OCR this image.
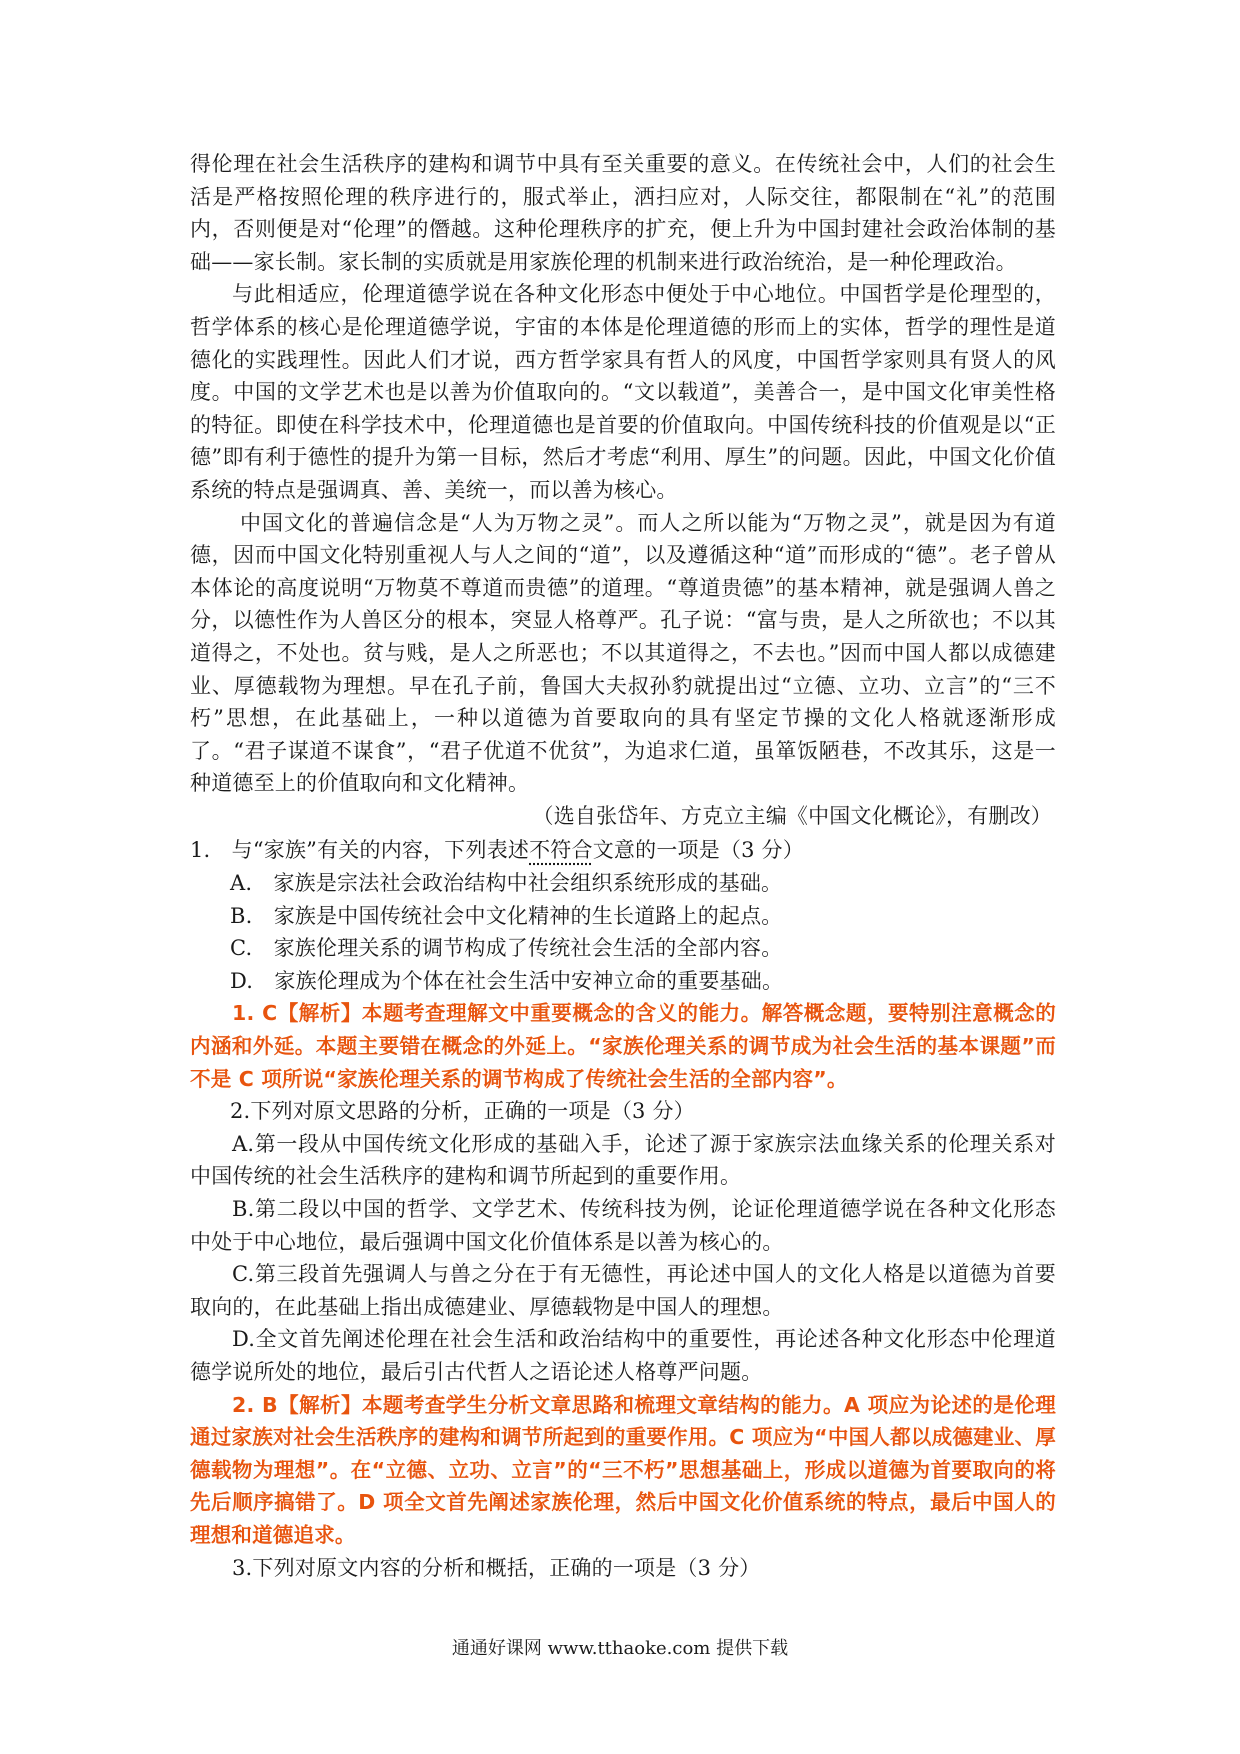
得伦理在社会生活秩序的建构和调节中具有至关重要的意义。在传统社会中，人们的社会生活是严格按照伦理的秩序进行的，服式举止，洒扫应对，人际交往，都限制在“礼”的范围内，否则便是对“伦理”的僭越。这种伦理秩序的扩充，便上升为中国封建社会政治体制的基础——家长制。家长制的实质就是用家族伦理的机制来进行政治统治，是一种伦理政治。

与此相适应，伦理道德学说在各种文化形态中便处于中心地位。中国哲学是伦理型的，哲学体系的核心是伦理道德学说，宇宙的本体是伦理道德的形而上的实体，哲学的理性是道德化的实践理性。因此人们才说，西方哲学家具有哲人的风度，中国哲学家则具有贤人的风度。中国的文学艺术也是以善为价值取向的。“文以载道”，美善合一，是中国文化审美性格的特征。即使在科学技术中，伦理道德也是首要的价值取向。中国传统科技的价值观是以“正德”即有利于德性的提升为第一目标，然后才考虑“利用、厚生”的问题。因此，中国文化价值系统的特点是强调真、善、美统一，而以善为核心。

中国文化的普遍信念是“人为万物之灵”。而人之所以能为“万物之灵”，就是因为有道德，因而中国文化特别重视人与人之间的“道”，以及遵循这种“道”而形成的“德”。老子曾从本体论的高度说明“万物莫不尊道而贵德”的道理。“尊道贵德”的基本精神，就是强调人兽之分，以德性作为人兽区分的根本，突显人格尊严。孔子说：“富与贵，是人之所欲也；不以其道得之，不处也。贫与贱，是人之所恶也；不以其道得之，不去也。”因而中国人都以成德建业、厚德载物为理想。早在孔子前，鲁国大夫叔孙豹就提出过“立德、立功、立言”的“三不朽”思想，在此基础上，一种以道德为首要取向的具有坚定节操的文化人格就逐渐形成了。“君子谋道不谋食”，“君子优道不优贫”，为追求仁道，虽箪饭陋巷，不改其乐，这是一种道德至上的价值取向和文化精神。

（选自张岱年、方克立主编《中国文化概论》，有删改）

1.　与“家族”有关的内容，下列表述不符合文意的一项是（3 分）

A.　家族是宗法社会政治结构中社会组织系统形成的基础。

B.　家族是中国传统社会中文化精神的生长道路上的起点。

C.　家族伦理关系的调节构成了传统社会生活的全部内容。

D.　家族伦理成为个体在社会生活中安神立命的重要基础。

1. C【解析】本题考查理解文中重要概念的含义的能力。解答概念题，要特别注意概念的内涵和外延。本题主要错在概念的外延上。“家族伦理关系的调节成为社会生活的基本课题”而不是 C 项所说“家族伦理关系的调节构成了传统社会生活的全部内容”。

2.下列对原文思路的分析，正确的一项是（3 分）

A.第一段从中国传统文化形成的基础入手，论述了源于家族宗法血缘关系的伦理关系对中国传统的社会生活秩序的建构和调节所起到的重要作用。

B.第二段以中国的哲学、文学艺术、传统科技为例，论证伦理道德学说在各种文化形态中处于中心地位，最后强调中国文化价值体系是以善为核心的。

C.第三段首先强调人与兽之分在于有无德性，再论述中国人的文化人格是以道德为首要取向的，在此基础上指出成德建业、厚德载物是中国人的理想。

D.全文首先阐述伦理在社会生活和政治结构中的重要性，再论述各种文化形态中伦理道德学说所处的地位，最后引古代哲人之语论述人格尊严问题。

2. B【解析】本题考查学生分析文章思路和梳理文章结构的能力。A 项应为论述的是伦理通过家族对社会生活秩序的建构和调节所起到的重要作用。C 项应为“中国人都以成德建业、厚德载物为理想”。在“立德、立功、立言”的“三不朽”思想基础上，形成以道德为首要取向的将先后顺序搞错了。D 项全文首先阐述家族伦理，然后中国文化价值系统的特点，最后中国人的理想和道德追求。

3.下列对原文内容的分析和概括，正确的一项是（3 分）

通通好课网 www.tthaoke.com 提供下载
